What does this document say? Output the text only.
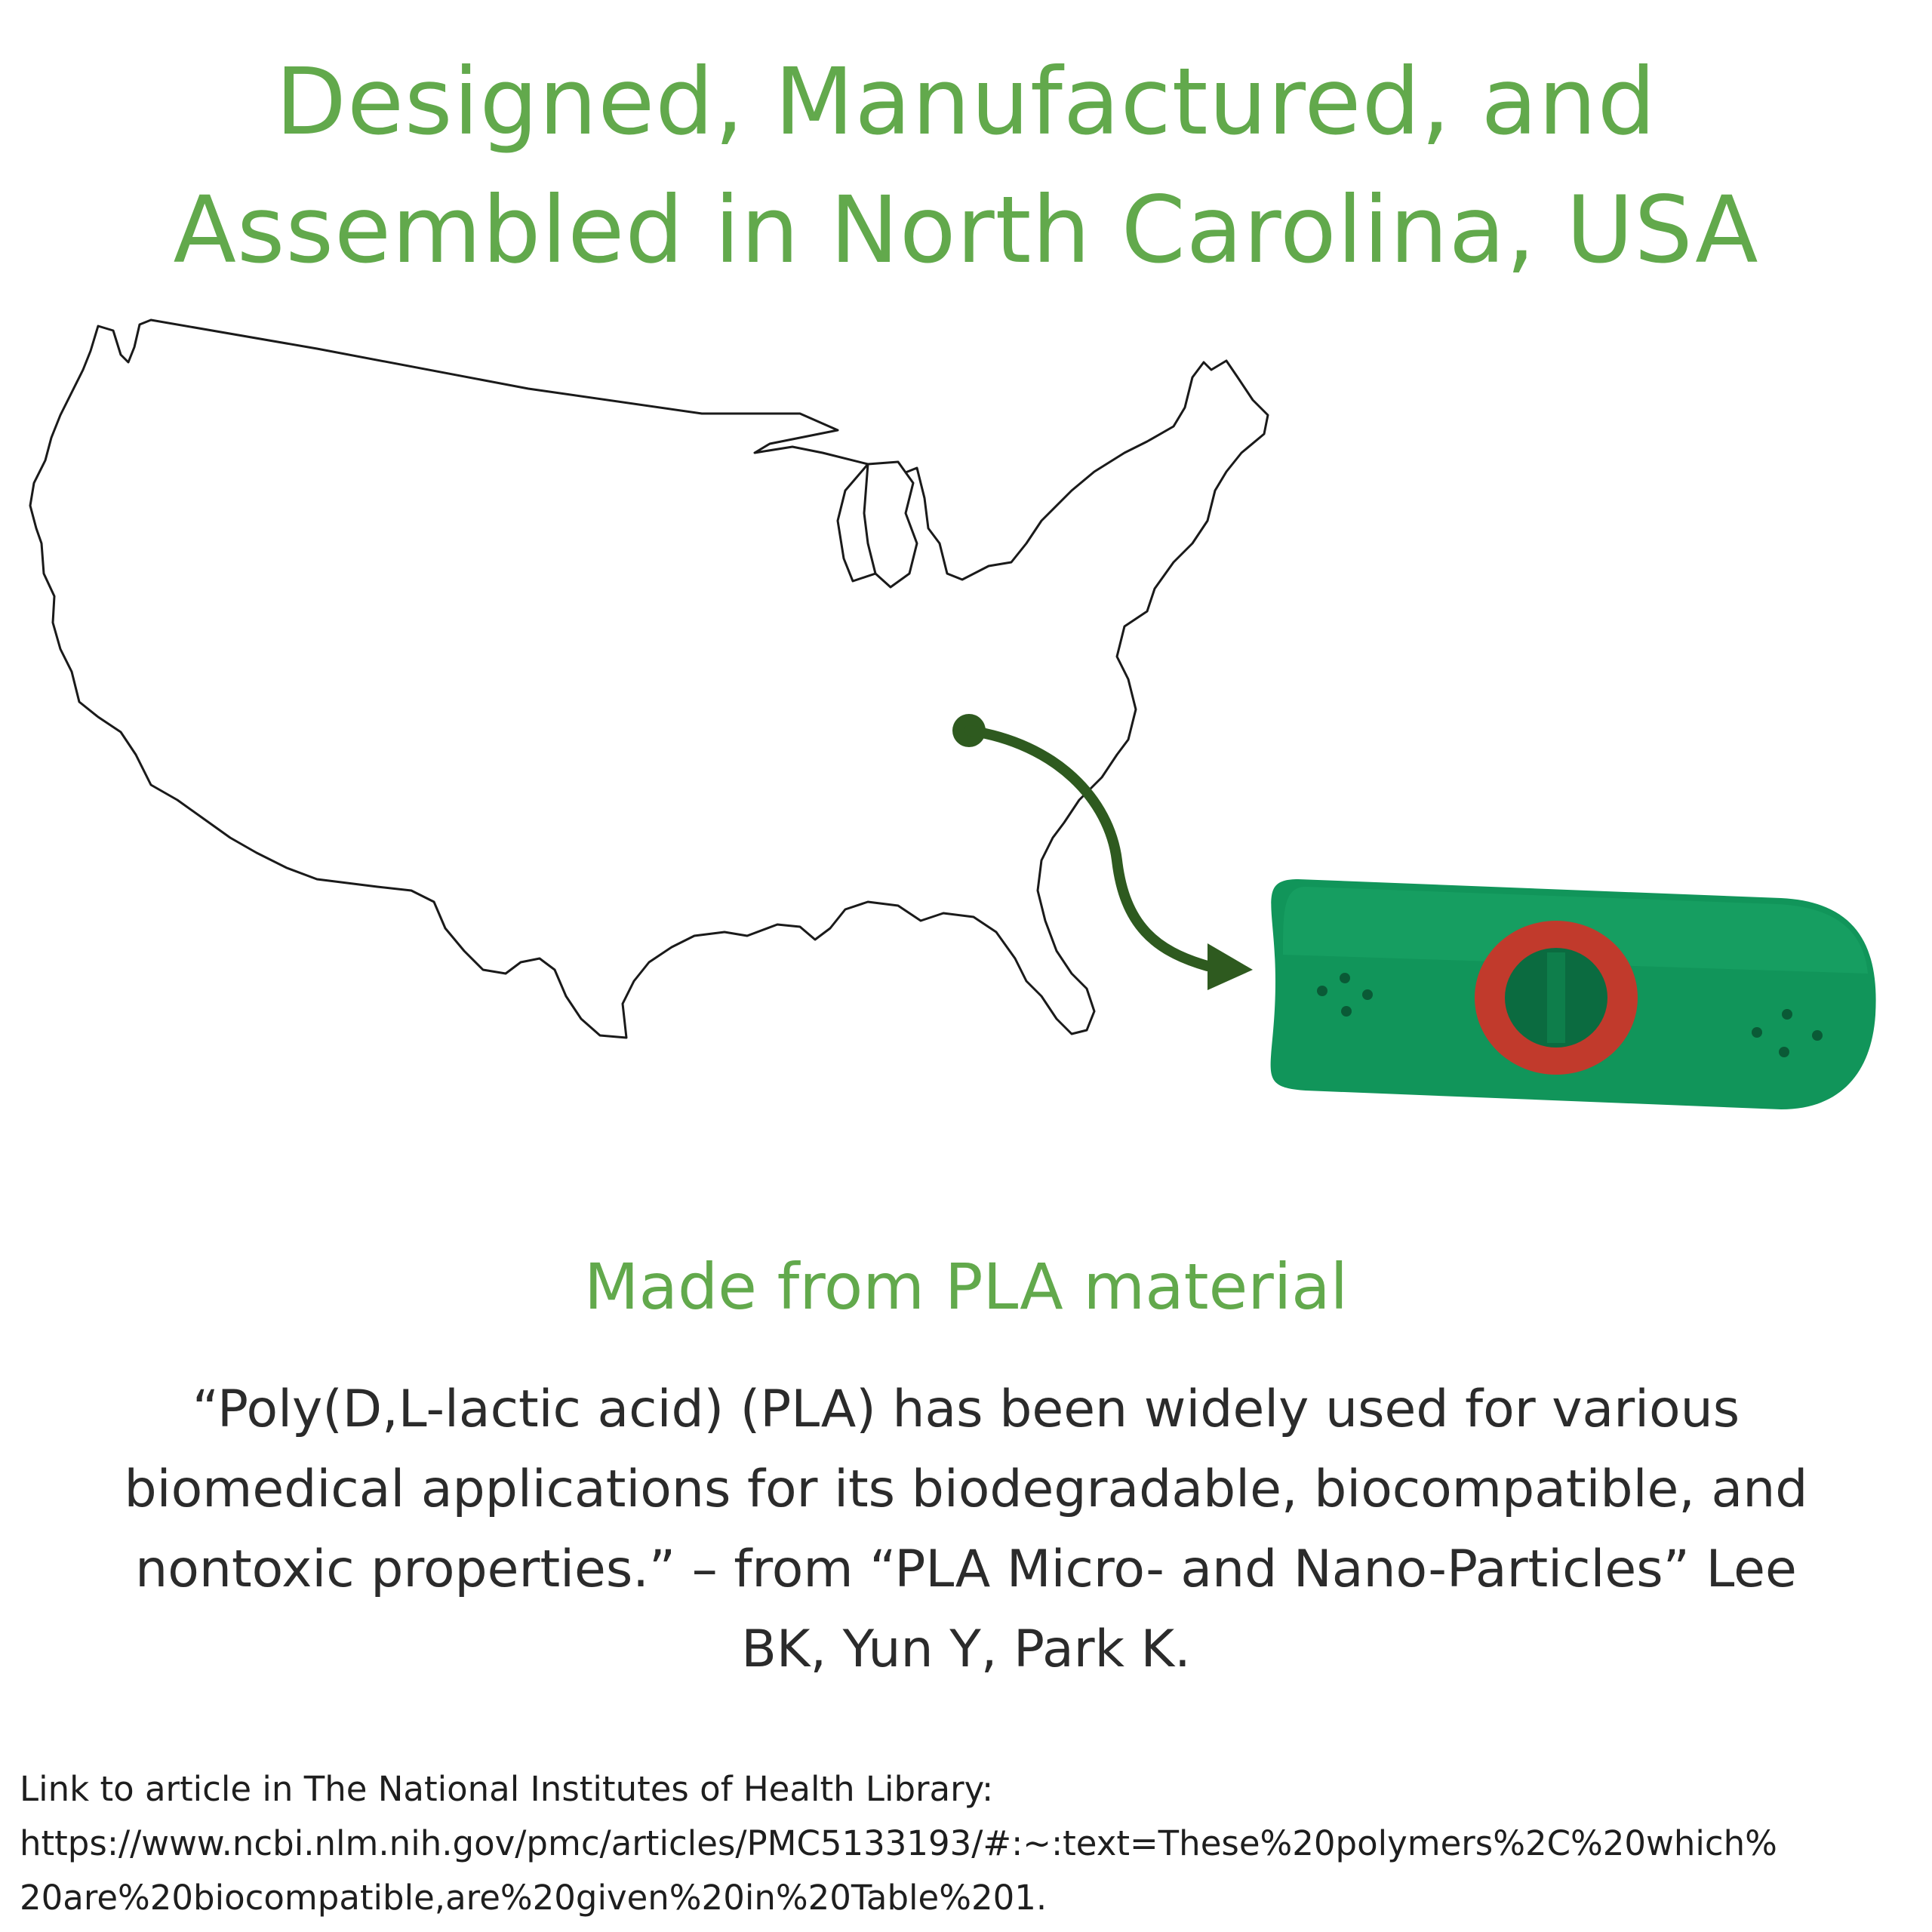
Designed, Manufactured, and
Assembled in North Carolina, USA
Made from PLA material
“Poly(D,L-lactic acid) (PLA) has been widely used for various
biomedical applications for its biodegradable, biocompatible, and
nontoxic properties.” – from “PLA Micro- and Nano-Particles” Lee
BK, Yun Y, Park K.
Link to article in The National Institutes of Health Library:
https://www.ncbi.nlm.nih.gov/pmc/articles/PMC5133193/#:~:text=These%20polymers%2C%20which%
20are%20biocompatible,are%20given%20in%20Table%201.
